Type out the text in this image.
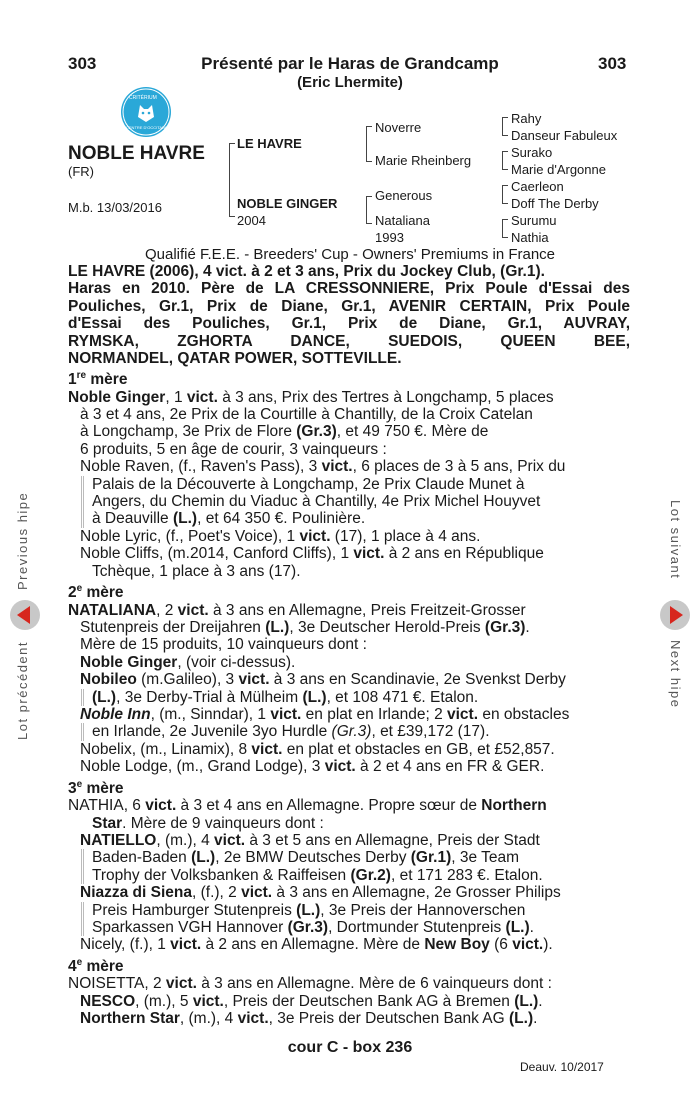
303	303
Présenté par le Haras de Grandcamp
(Eric Lhermite)
CRITÉRIUM
CENTRE D'OCCITANIE
NOBLE HAVRE
(FR)
M.b. 13/03/2016
LE HAVRE
NOBLE GINGER
2004
Noverre
Marie Rheinberg
Generous
Nataliana
1993
Rahy
Danseur Fabuleux
Surako
Marie d'Argonne
Caerleon
Doff The Derby
Surumu
Nathia
Qualifié F.E.E. - Breeders' Cup - Owners' Premiums in France
LE HAVRE (2006), 4 vict. à 2 et 3 ans, Prix du Jockey Club, (Gr.1).
Haras en 2010. Père de LA CRESSONNIERE, Prix Poule d'Essai des
Pouliches, Gr.1, Prix de Diane, Gr.1, AVENIR CERTAIN, Prix Poule
d'Essai des Pouliches, Gr.1, Prix de Diane, Gr.1, AUVRAY,
RYMSKA, ZGHORTA DANCE, SUEDOIS, QUEEN BEE,
NORMANDEL, QATAR POWER, SOTTEVILLE.
1re mère
Noble Ginger, 1 vict. à 3 ans, Prix des Tertres à Longchamp, 5 places
à 3 et 4 ans, 2e Prix de la Courtille à Chantilly, de la Croix Catelan
à Longchamp, 3e Prix de Flore (Gr.3), et 49 750 €. Mère de
6 produits, 5 en âge de courir, 3 vainqueurs :
Noble Raven, (f., Raven's Pass), 3 vict., 6 places de 3 à 5 ans, Prix du
Palais de la Découverte à Longchamp, 2e Prix Claude Munet à
Angers, du Chemin du Viaduc à Chantilly, 4e Prix Michel Houyvet
à Deauville (L.), et 64 350 €. Poulinière.
Noble Lyric, (f., Poet's Voice), 1 vict. (17), 1 place à 4 ans.
Noble Cliffs, (m.2014, Canford Cliffs), 1 vict. à 2 ans en République
Tchèque, 1 place à 3 ans (17).
2e mère
NATALIANA, 2 vict. à 3 ans en Allemagne, Preis Freitzeit-Grosser
Stutenpreis der Dreijahren (L.), 3e Deutscher Herold-Preis (Gr.3).
Mère de 15 produits, 10 vainqueurs dont :
Noble Ginger, (voir ci-dessus).
Nobileo (m.Galileo), 3 vict. à 3 ans en Scandinavie, 2e Svenkst Derby
(L.), 3e Derby-Trial à Mülheim (L.), et 108 471 €. Etalon.
Noble Inn, (m., Sinndar), 1 vict. en plat en Irlande; 2 vict. en obstacles
en Irlande, 2e Juvenile 3yo Hurdle (Gr.3), et £39,172 (17).
Nobelix, (m., Linamix), 8 vict. en plat et obstacles en GB, et £52,857.
Noble Lodge, (m., Grand Lodge), 3 vict. à 2 et 4 ans en FR & GER.
3e mère
NATHIA, 6 vict. à 3 et 4 ans en Allemagne. Propre sœur de Northern
Star. Mère de 9 vainqueurs dont :
NATIELLO, (m.), 4 vict. à 3 et 5 ans en Allemagne, Preis der Stadt
Baden-Baden (L.), 2e BMW Deutsches Derby (Gr.1), 3e Team
Trophy der Volksbanken & Raiffeisen (Gr.2), et 171 283 €. Etalon.
Niazza di Siena, (f.), 2 vict. à 3 ans en Allemagne, 2e Grosser Philips
Preis Hamburger Stutenpreis (L.), 3e Preis der Hannoverschen
Sparkassen VGH Hannover (Gr.3), Dortmunder Stutenpreis (L.).
Nicely, (f.), 1 vict. à 2 ans en Allemagne. Mère de New Boy (6 vict.).
4e mère
NOISETTA, 2 vict. à 3 ans en Allemagne. Mère de 6 vainqueurs dont :
NESCO, (m.), 5 vict., Preis der Deutschen Bank AG à Bremen (L.).
Northern Star, (m.), 4 vict., 3e Preis der Deutschen Bank AG (L.).
cour C - box 236
Deauv. 10/2017
Lot précédent
Previous hipe	Lot suivant
Next hipe
